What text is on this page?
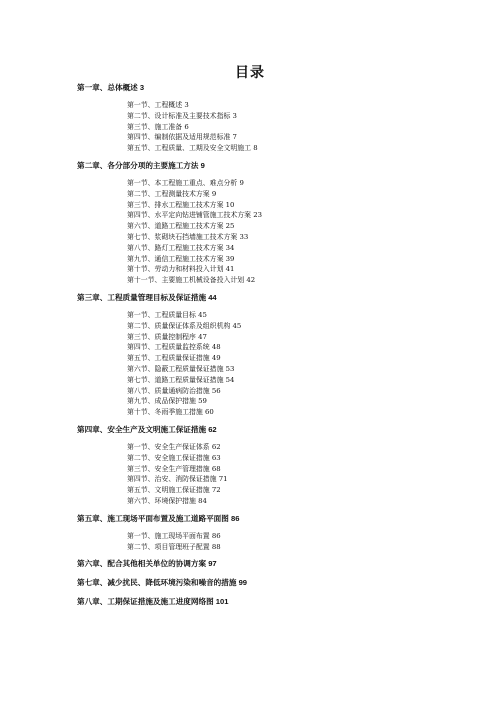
目录
第一章、总体概述 3
第一节、工程概述 3
第二节、设计标准及主要技术指标 3
第三节、施工准备 6
第四节、编制依据及适用规范标准 7
第五节、工程质量、工期及安全文明施工 8
第二章、各分部分项的主要施工方法 9
第一节、本工程施工重点、难点分析 9
第二节、工程测量技术方案 9
第三节、排水工程施工技术方案 10
第四节、水平定向钻进铺管施工技术方案 23
第六节、道路工程施工技术方案 25
第七节、浆砌块石挡墙施工技术方案 33
第八节、路灯工程施工技术方案 34
第九节、通信工程施工技术方案 39
第十节、劳动力和材料投入计划 41
第十一节、主要施工机械设备投入计划 42
第三章、工程质量管理目标及保证措施 44
第一节、工程质量目标 45
第二节、质量保证体系及组织机构 45
第三节、质量控制程序 47
第四节、工程质量监控系统 48
第五节、工程质量保证措施 49
第六节、隐蔽工程质量保证措施 53
第七节、道路工程质量保证措施 54
第八节、质量通病防治措施 56
第九节、成品保护措施 59
第十节、冬雨季施工措施 60
第四章、安全生产及文明施工保证措施 62
第一节、安全生产保证体系 62
第二节、安全施工保证措施 63
第三节、安全生产管理措施 68
第四节、治安、消防保证措施 71
第五节、文明施工保证措施 72
第六节、环境保护措施 84
第五章、施工现场平面布置及施工道路平面图 86
第一节、施工现场平面布置 86
第二节、项目管理班子配置 88
第六章、配合其他相关单位的协调方案 97
第七章、减少扰民、降低环境污染和噪音的措施 99
第八章、工期保证措施及施工进度网络图 101
